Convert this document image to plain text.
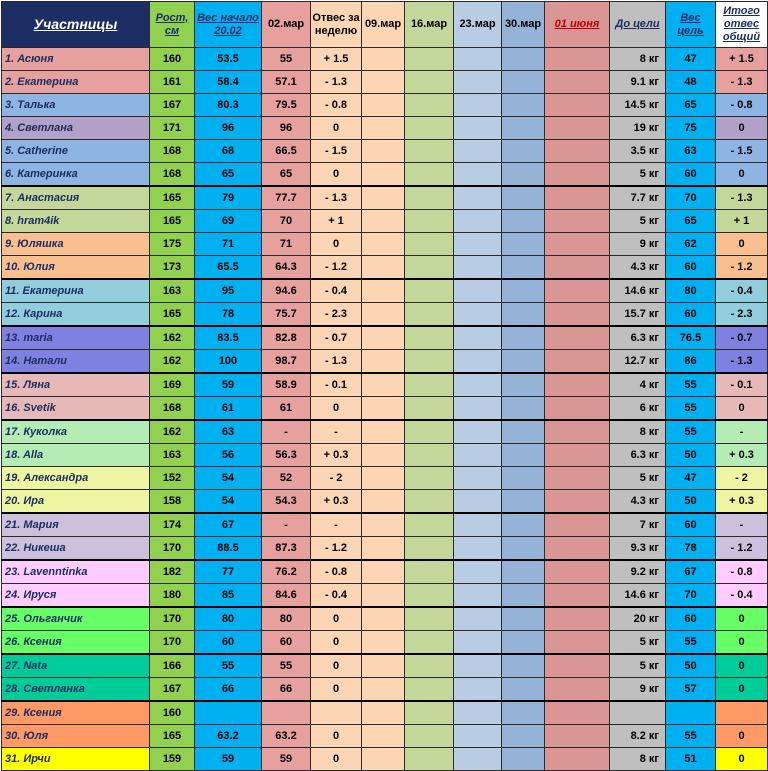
Участницы	Рост, см	Вес начало 20.02	02.мар	Отвес за неделю	09.мар	16.мар	23.мар	30.мар	01 июня	До цели	Вес цель	Итого отвес общий
1. Асюня	160	53.5	55	+ 1.5						8 кг	47	+ 1.5
2. Екатерина	161	58.4	57.1	- 1.3						9.1 кг	48	- 1.3
3. Талька	167	80.3	79.5	- 0.8						14.5 кг	65	- 0.8
4. Светлана	171	96	96	0						19 кг	75	0
5. Catherine	168	68	66.5	- 1.5						3.5 кг	63	- 1.5
6. Катеринка	168	65	65	0						5 кг	60	0
7. Анастасия	165	79	77.7	- 1.3						7.7 кг	70	- 1.3
8. hram4ik	165	69	70	+ 1						5 кг	65	+ 1
9. Юляшка	175	71	71	0						9 кг	62	0
10. Юлия	173	65.5	64.3	- 1.2						4.3 кг	60	- 1.2
11. Екатерина	163	95	94.6	- 0.4						14.6 кг	80	- 0.4
12. Карина	165	78	75.7	- 2.3						15.7 кг	60	- 2.3
13. maria	162	83.5	82.8	- 0.7						6.3 кг	76.5	- 0.7
14. Натали	162	100	98.7	- 1.3						12.7 кг	86	- 1.3
15. Ляна	169	59	58.9	- 0.1						4 кг	55	- 0.1
16. Svetik	168	61	61	0						6 кг	55	0
17. Куколка	162	63	-	-						8 кг	55	-
18. Alla	163	56	56.3	+ 0.3						6.3 кг	50	+ 0.3
19. Александра	152	54	52	- 2						5 кг	47	- 2
20. Ира	158	54	54.3	+ 0.3						4.3 кг	50	+ 0.3
21. Мария	174	67	-	-						7 кг	60	-
22. Никеша	170	88.5	87.3	- 1.2						9.3 кг	78	- 1.2
23. Lavenntinka	182	77	76.2	- 0.8						9.2 кг	67	- 0.8
24. Ируся	180	85	84.6	- 0.4						14.6 кг	70	- 0.4
25. Ольганчик	170	80	80	0						20 кг	60	0
26. Ксения	170	60	60	0						5 кг	55	0
27. Nata	166	55	55	0						5 кг	50	0
28. Светланка	167	66	66	0						9 кг	57	0
29. Ксения	160											
30. Юля	165	63.2	63.2	0						8.2 кг	55	0
31. Ирчи	159	59	59	0						8 кг	51	0
